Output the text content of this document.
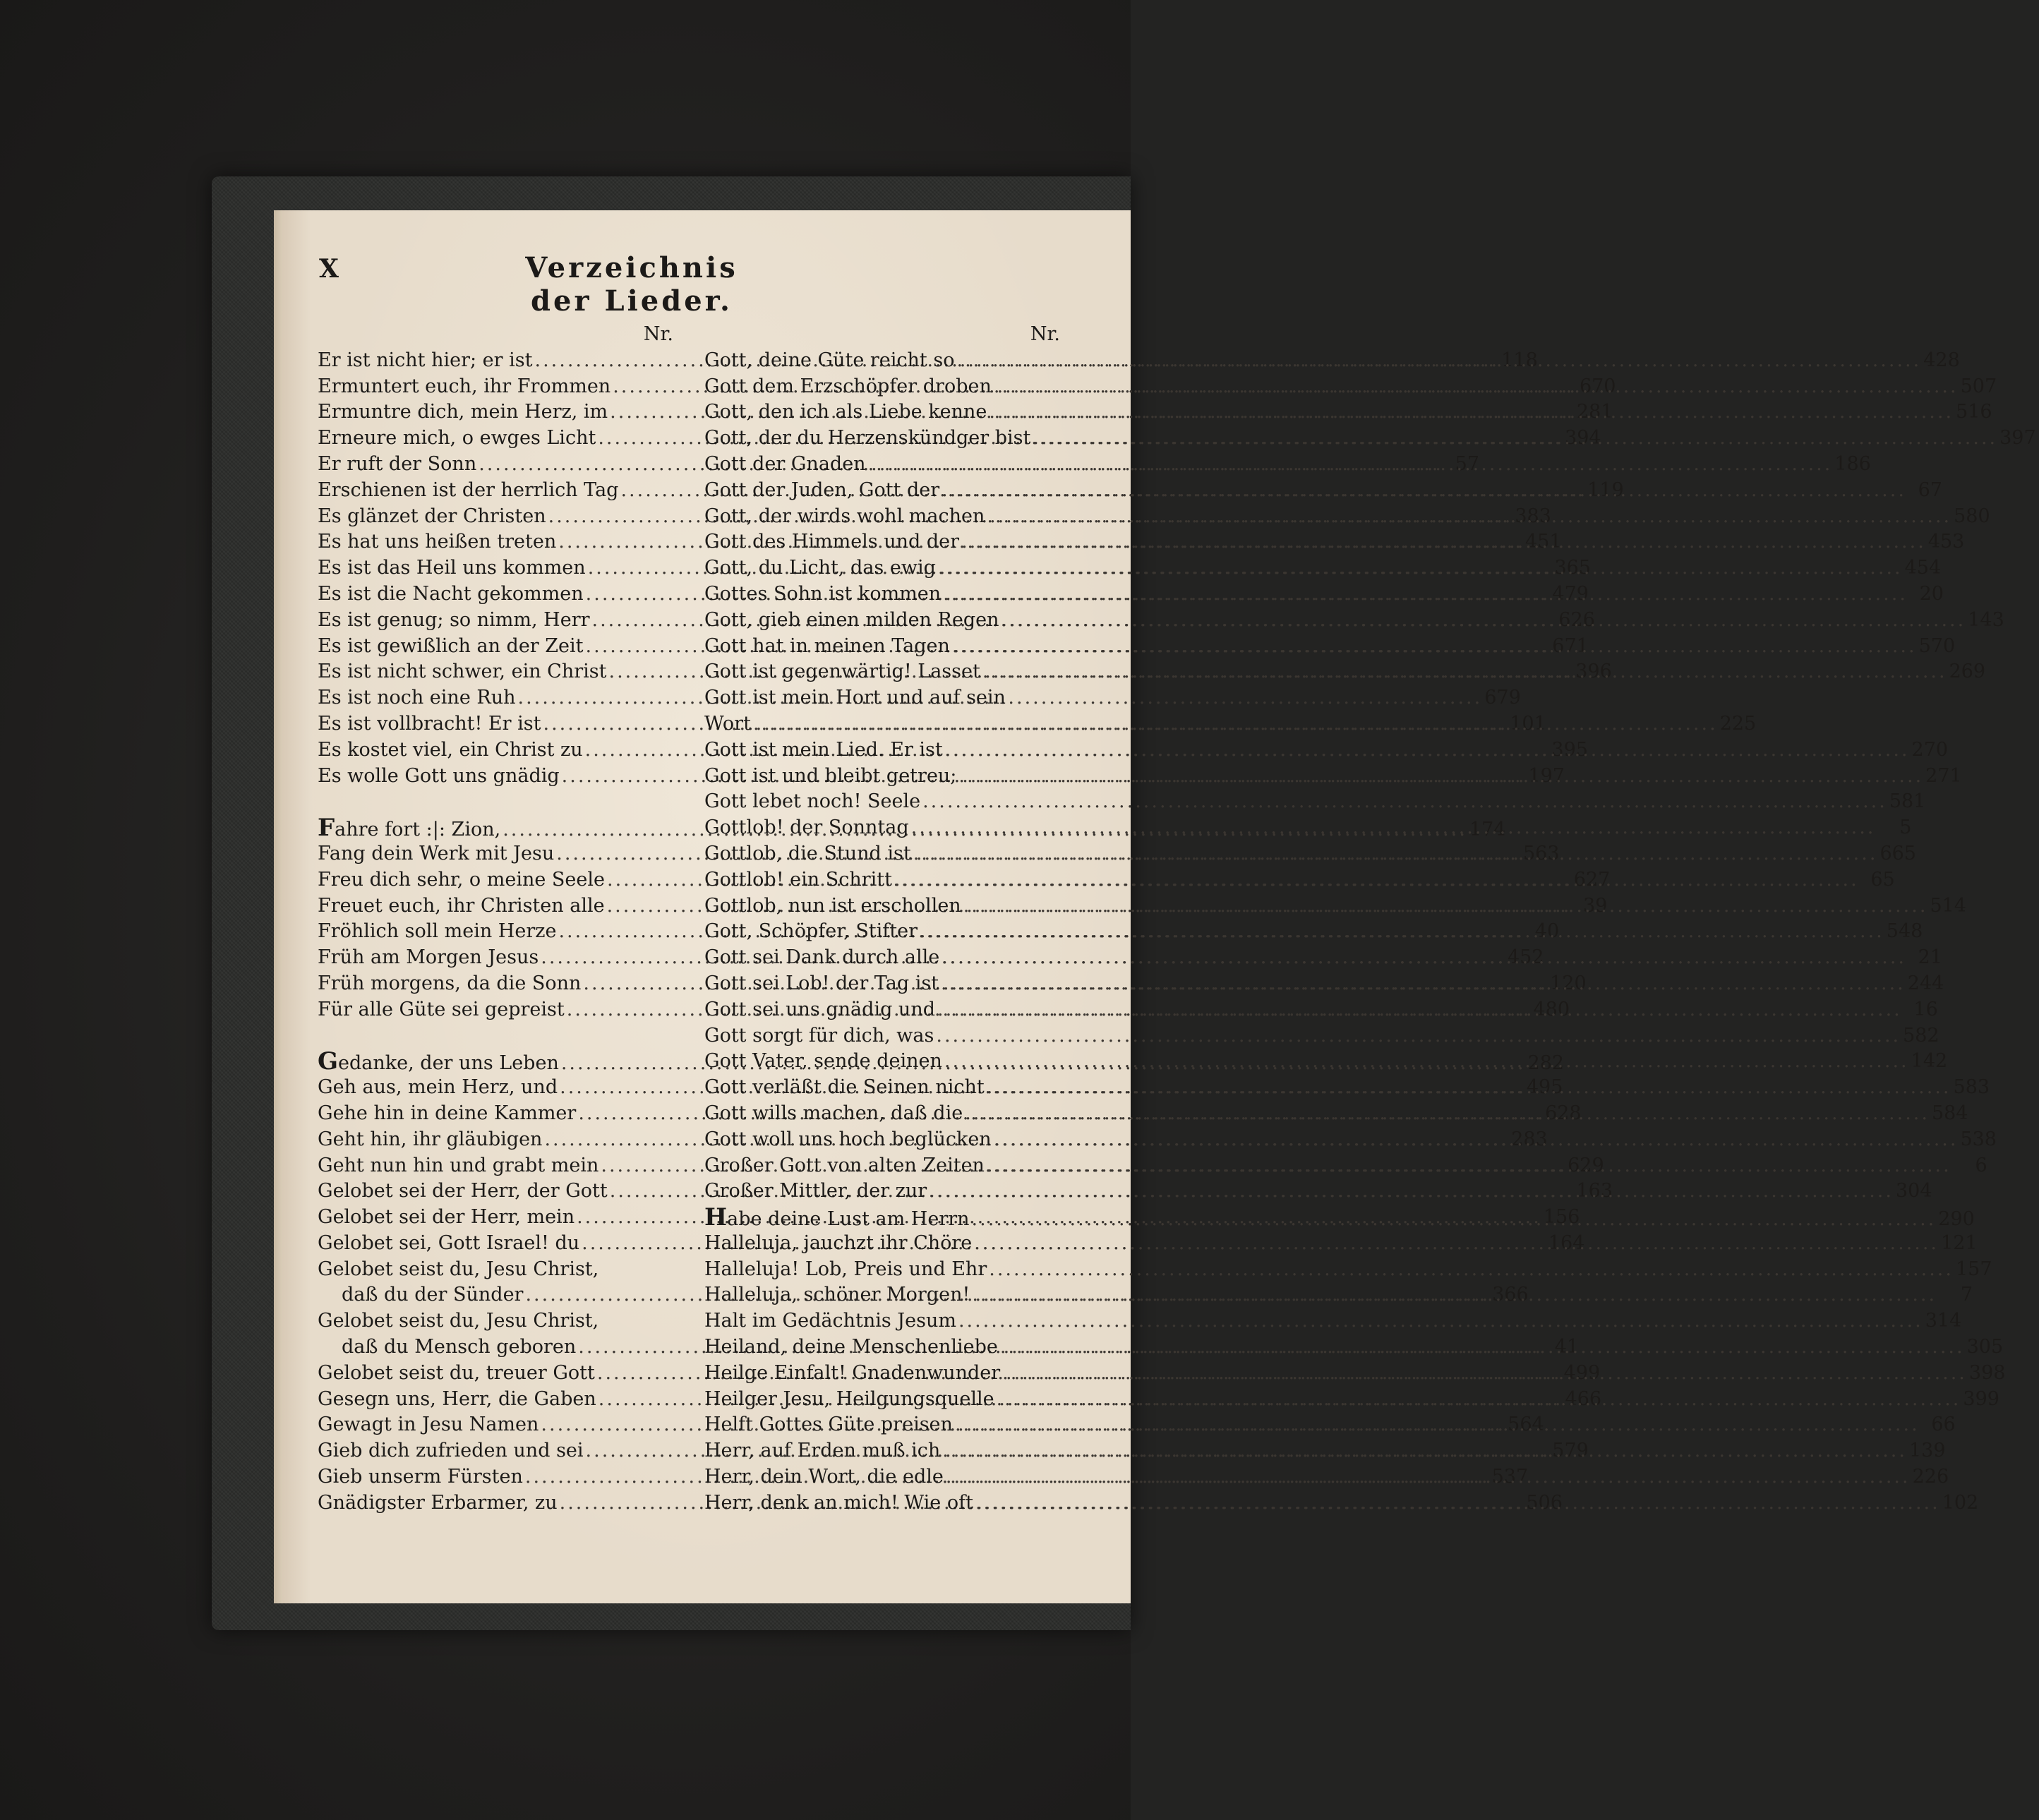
X	Verzeichnis der Lieder.
Nr.
Er ist nicht hier; er ist .....	118
Ermuntert euch, ihr Frommen .....	670
Ermuntre dich, mein Herz, im .....	281
Erneure mich, o ewges Licht .....	394
Er ruft der Sonn .....	57
Erschienen ist der herrlich Tag .....	119
Es glänzet der Christen .....	383
Es hat uns heißen treten .....	451
Es ist das Heil uns kommen .....	365
Es ist die Nacht gekommen .....	479
Es ist genug; so nimm, Herr .....	626
Es ist gewißlich an der Zeit .....	671
Es ist nicht schwer, ein Christ .....	396
Es ist noch eine Ruh .....	679
Es ist vollbracht! Er ist .....	101
Es kostet viel, ein Christ zu .....	395
Es wolle Gott uns gnädig .....	197
Fahre fort :|: Zion, .....	174
Fang dein Werk mit Jesu .....	563
Freu dich sehr, o meine Seele .....	627
Freuet euch, ihr Christen alle .....	39
Fröhlich soll mein Herze .....	40
Früh am Morgen Jesus .....	452
Früh morgens, da die Sonn .....	120
Für alle Güte sei gepreist .....	480
Gedanke, der uns Leben .....	282
Geh aus, mein Herz, und .....	495
Gehe hin in deine Kammer .....	628
Geht hin, ihr gläubigen .....	283
Geht nun hin und grabt mein .....	629
Gelobet sei der Herr, der Gott .....	163
Gelobet sei der Herr, mein .....	156
Gelobet sei, Gott Israel! du .....	164
Gelobet seist du, Jesu Christ,
daß du der Sünder .....	366
Gelobet seist du, Jesu Christ,
daß du Mensch geboren .....	41
Gelobet seist du, treuer Gott .....	499
Gesegn uns, Herr, die Gaben .....	466
Gewagt in Jesu Namen .....	564
Gieb dich zufrieden und sei .....	579
Gieb unserm Fürsten .....	537
Gnädigster Erbarmer, zu .....	506
Nr.
Gott, deine Güte reicht so .....	428
Gott dem Erzschöpfer droben .....	507
Gott, den ich als Liebe kenne .....	516
Gott, der du Herzenskündger bist .....	397
Gott der Gnaden .....	186
Gott der Juden, Gott der .....	67
Gott, der wirds wohl machen .....	580
Gott des Himmels und der .....	453
Gott, du Licht, das ewig .....	454
Gottes Sohn ist kommen .....	20
Gott, gieb einen milden Regen .....	143
Gott hat in meinen Tagen .....	570
Gott ist gegenwärtig! Lasset .....	269
Gott ist mein Hort und auf sein
Wort .....	225
Gott ist mein Lied. Er ist .....	270
Gott ist und bleibt getreu; .....	271
Gott lebet noch! Seele .....	581
Gottlob! der Sonntag .....	5
Gottlob, die Stund ist .....	665
Gottlob! ein Schritt .....	65
Gottlob, nun ist erschollen .....	514
Gott, Schöpfer, Stifter .....	548
Gott sei Dank durch alle .....	21
Gott sei Lob! der Tag ist .....	244
Gott sei uns gnädig und .....	16
Gott sorgt für dich, was .....	582
Gott Vater, sende deinen .....	142
Gott verläßt die Seinen nicht .....	583
Gott wills machen, daß die .....	584
Gott woll uns hoch beglücken .....	538
Großer Gott von alten Zeiten .....	6
Großer Mittler, der zur .....	304
Habe deine Lust am Herrn .....	290
Halleluja, jauchzt ihr Chöre .....	121
Halleluja! Lob, Preis und Ehr .....	157
Halleluja, schöner Morgen! .....	7
Halt im Gedächtnis Jesum .....	314
Heiland, deine Menschenliebe .....	305
Heilge Einfalt! Gnadenwunder .....	398
Heilger Jesu, Heilgungsquelle .....	399
Helft Gottes Güte preisen .....	66
Herr, auf Erden muß ich .....	139
Herr, dein Wort, die edle .....	226
Herr, denk an mich! Wie oft .....	102
